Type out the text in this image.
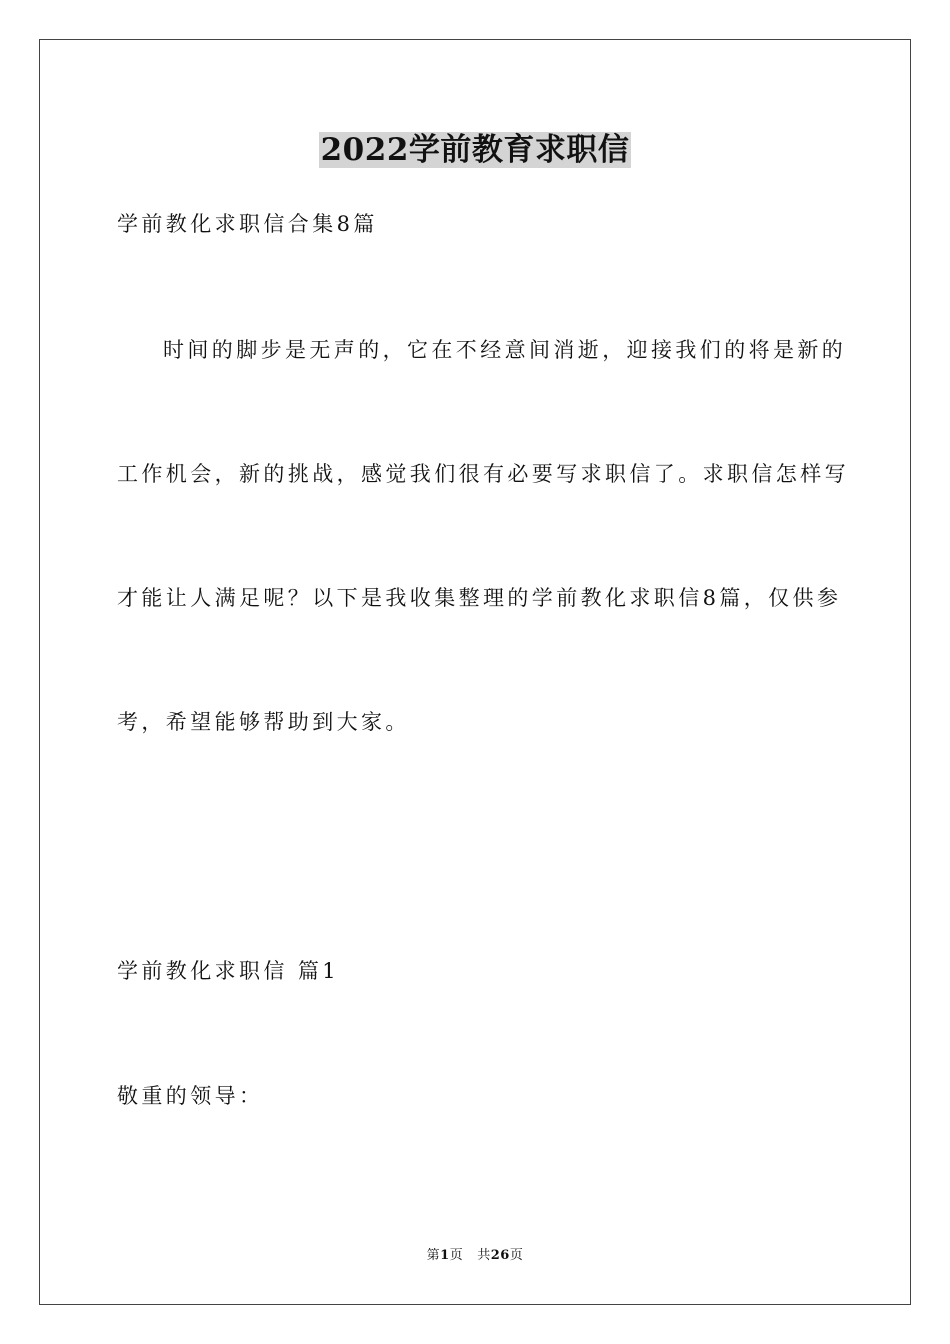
2022学前教育求职信
学前教化求职信合集8篇
时间的脚步是无声的，它在不经意间消逝，迎接我们的将是新的
工作机会，新的挑战，感觉我们很有必要写求职信了。求职信怎样写
才能让人满足呢？以下是我收集整理的学前教化求职信8篇，仅供参
考，希望能够帮助到大家。
学前教化求职信 篇1
敬重的领导：
第1页 共26页
